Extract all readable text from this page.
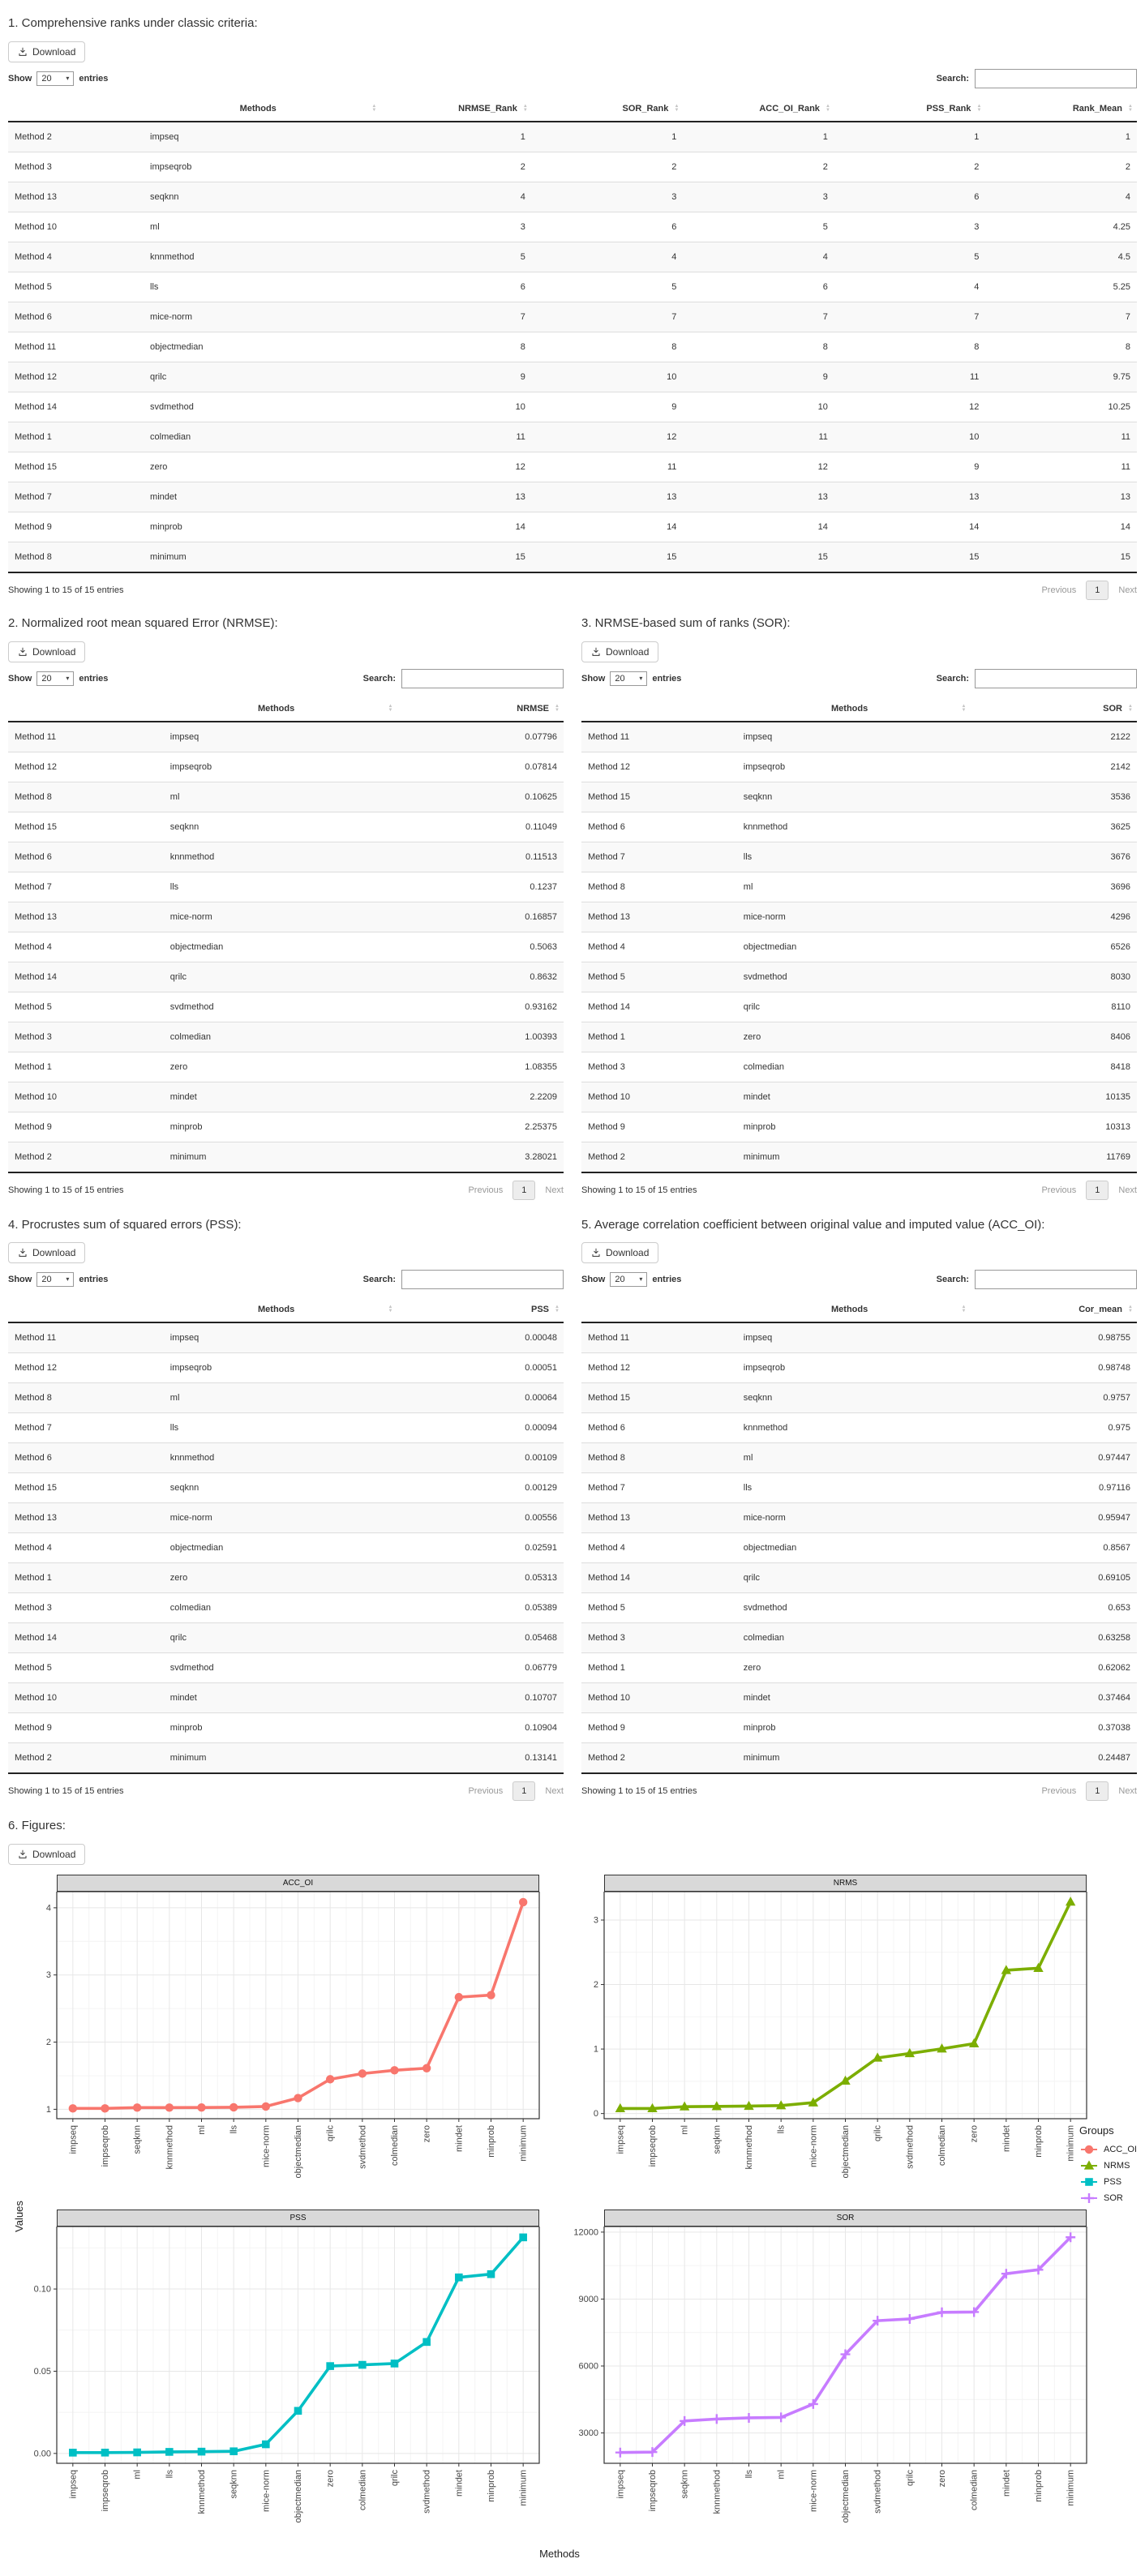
1. Comprehensive ranks under classic criteria:
Download
Show 20 ▾ entries	Search:
	Methods ▲
▼	NRMSE_Rank ▲
▼	SOR_Rank ▲
▼	ACC_OI_Rank ▲
▼	PSS_Rank ▲
▼	Rank_Mean ▲
▼

Method 2	impseq	1	1	1	1	1
Method 3	impseqrob	2	2	2	2	2
Method 13	seqknn	4	3	3	6	4
Method 10	ml	3	6	5	3	4.25
Method 4	knnmethod	5	4	4	5	4.5
Method 5	lls	6	5	6	4	5.25
Method 6	mice-norm	7	7	7	7	7
Method 11	objectmedian	8	8	8	8	8
Method 12	qrilc	9	10	9	11	9.75
Method 14	svdmethod	10	9	10	12	10.25
Method 1	colmedian	11	12	11	10	11
Method 15	zero	12	11	12	9	11
Method 7	mindet	13	13	13	13	13
Method 9	minprob	14	14	14	14	14
Method 8	minimum	15	15	15	15	15
Showing 1 to 15 of 15 entries	Previous	1	Next
2. Normalized root mean squared Error (NRMSE):
Download
Show 20 ▾ entries	Search:
	Methods ▲
▼	NRMSE ▲
▼

Method 11	impseq	0.07796
Method 12	impseqrob	0.07814
Method 8	ml	0.10625
Method 15	seqknn	0.11049
Method 6	knnmethod	0.11513
Method 7	lls	0.1237
Method 13	mice-norm	0.16857
Method 4	objectmedian	0.5063
Method 14	qrilc	0.8632
Method 5	svdmethod	0.93162
Method 3	colmedian	1.00393
Method 1	zero	1.08355
Method 10	mindet	2.2209
Method 9	minprob	2.25375
Method 2	minimum	3.28021
Showing 1 to 15 of 15 entries	Previous	1	Next
3. NRMSE-based sum of ranks (SOR):
Download
Show 20 ▾ entries	Search:
	Methods ▲
▼	SOR ▲
▼

Method 11	impseq	2122
Method 12	impseqrob	2142
Method 15	seqknn	3536
Method 6	knnmethod	3625
Method 7	lls	3676
Method 8	ml	3696
Method 13	mice-norm	4296
Method 4	objectmedian	6526
Method 5	svdmethod	8030
Method 14	qrilc	8110
Method 1	zero	8406
Method 3	colmedian	8418
Method 10	mindet	10135
Method 9	minprob	10313
Method 2	minimum	11769
Showing 1 to 15 of 15 entries	Previous	1	Next
4. Procrustes sum of squared errors (PSS):
Download
Show 20 ▾ entries	Search:
	Methods ▲
▼	PSS ▲
▼

Method 11	impseq	0.00048
Method 12	impseqrob	0.00051
Method 8	ml	0.00064
Method 7	lls	0.00094
Method 6	knnmethod	0.00109
Method 15	seqknn	0.00129
Method 13	mice-norm	0.00556
Method 4	objectmedian	0.02591
Method 1	zero	0.05313
Method 3	colmedian	0.05389
Method 14	qrilc	0.05468
Method 5	svdmethod	0.06779
Method 10	mindet	0.10707
Method 9	minprob	0.10904
Method 2	minimum	0.13141
Showing 1 to 15 of 15 entries	Previous	1	Next
5. Average correlation coefficient between original value and imputed value (ACC_OI):
Download
Show 20 ▾ entries	Search:
	Methods ▲
▼	Cor_mean ▲
▼

Method 11	impseq	0.98755
Method 12	impseqrob	0.98748
Method 15	seqknn	0.9757
Method 6	knnmethod	0.975
Method 8	ml	0.97447
Method 7	lls	0.97116
Method 13	mice-norm	0.95947
Method 4	objectmedian	0.8567
Method 14	qrilc	0.69105
Method 5	svdmethod	0.653
Method 3	colmedian	0.63258
Method 1	zero	0.62062
Method 10	mindet	0.37464
Method 9	minprob	0.37038
Method 2	minimum	0.24487
Showing 1 to 15 of 15 entries	Previous	1	Next
6. Figures:
Download
Values
ACC_OI
1
2
3
4
impseq	impseqrob	seqknn	knnmethod	ml	lls	mice-norm	objectmedian	qrilc	svdmethod	colmedian	zero	mindet	minprob	minimum
NRMS
0
1
2
3
impseq	impseqrob	ml	seqknn	knnmethod	lls	mice-norm	objectmedian	qrilc	svdmethod	colmedian	zero	mindet	minprob	minimum
PSS
0.00
0.05
0.10
impseq	impseqrob	ml	lls	knnmethod	seqknn	mice-norm	objectmedian	zero	colmedian	qrilc	svdmethod	mindet	minprob	minimum
SOR
3000
6000
9000
12000
impseq	impseqrob	seqknn	knnmethod	lls	ml	mice-norm	objectmedian	svdmethod	qrilc	zero	colmedian	mindet	minprob	minimum
Groups
ACC_OI
NRMS
PSS
SOR
Methods
